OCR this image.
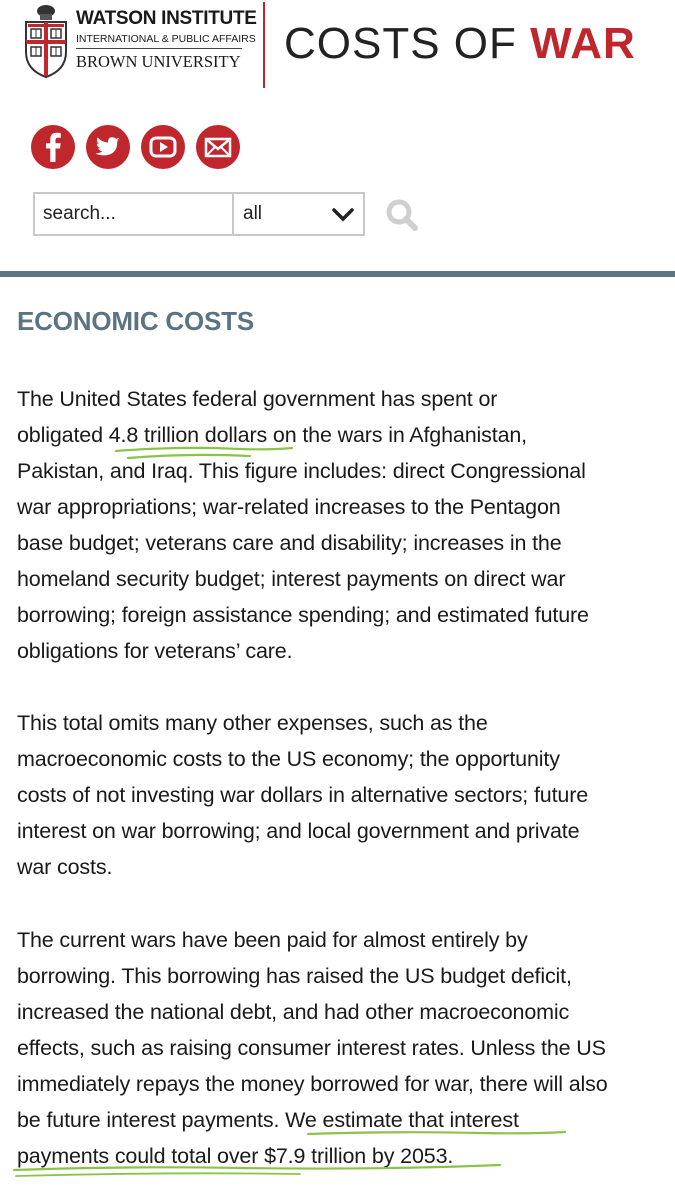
WATSON INSTITUTE
INTERNATIONAL & PUBLIC AFFAIRS
BROWN UNIVERSITY COSTS OF WAR
search...
all
ECONOMIC COSTS
The United States federal government has spent or
obligated 4.8 trillion dollars on the wars in Afghanistan,
Pakistan, and Iraq. This figure includes: direct Congressional
war appropriations; war-related increases to the Pentagon
base budget; veterans care and disability; increases in the
homeland security budget; interest payments on direct war
borrowing; foreign assistance spending; and estimated future
obligations for veterans’ care.
This total omits many other expenses, such as the
macroeconomic costs to the US economy; the opportunity
costs of not investing war dollars in alternative sectors; future
interest on war borrowing; and local government and private
war costs.
The current wars have been paid for almost entirely by
borrowing. This borrowing has raised the US budget deficit,
increased the national debt, and had other macroeconomic
effects, such as raising consumer interest rates. Unless the US
immediately repays the money borrowed for war, there will also
be future interest payments. We estimate that interest
payments could total over $7.9 trillion by 2053.
